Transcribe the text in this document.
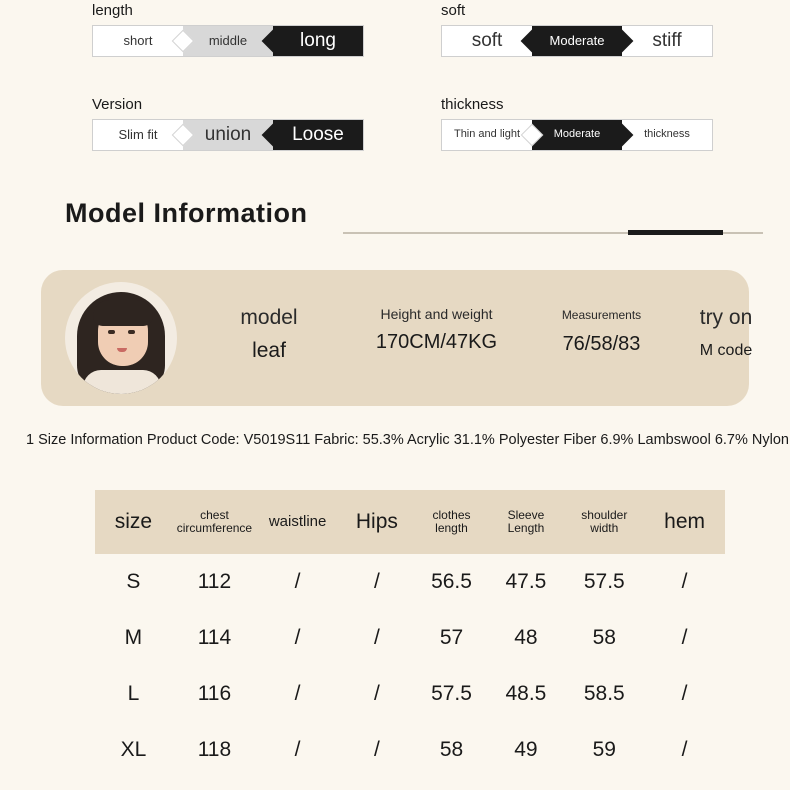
length
short	middle	long
soft
soft	Moderate	stiff
Version
Slim fit union Loose
thickness
Thin and light	Moderate	thickness
Model Information
model
leaf
Height and weight
170CM/47KG
Measurements
76/58/83
try on
M code
1 Size Information Product Code: V5019S11 Fabric: 55.3% Acrylic 31.1% Polyester Fiber 6.9% Lambswool 6.7% Nylon
size	chest circumference	waistline	Hips	clothes length	Sleeve Length	shoulder width	hem
S	112	/	/	56.5	47.5	57.5	/
M	114	/	/	57	48	58	/
L	116	/	/	57.5	48.5	58.5	/
XL	118	/	/	58	49	59	/
